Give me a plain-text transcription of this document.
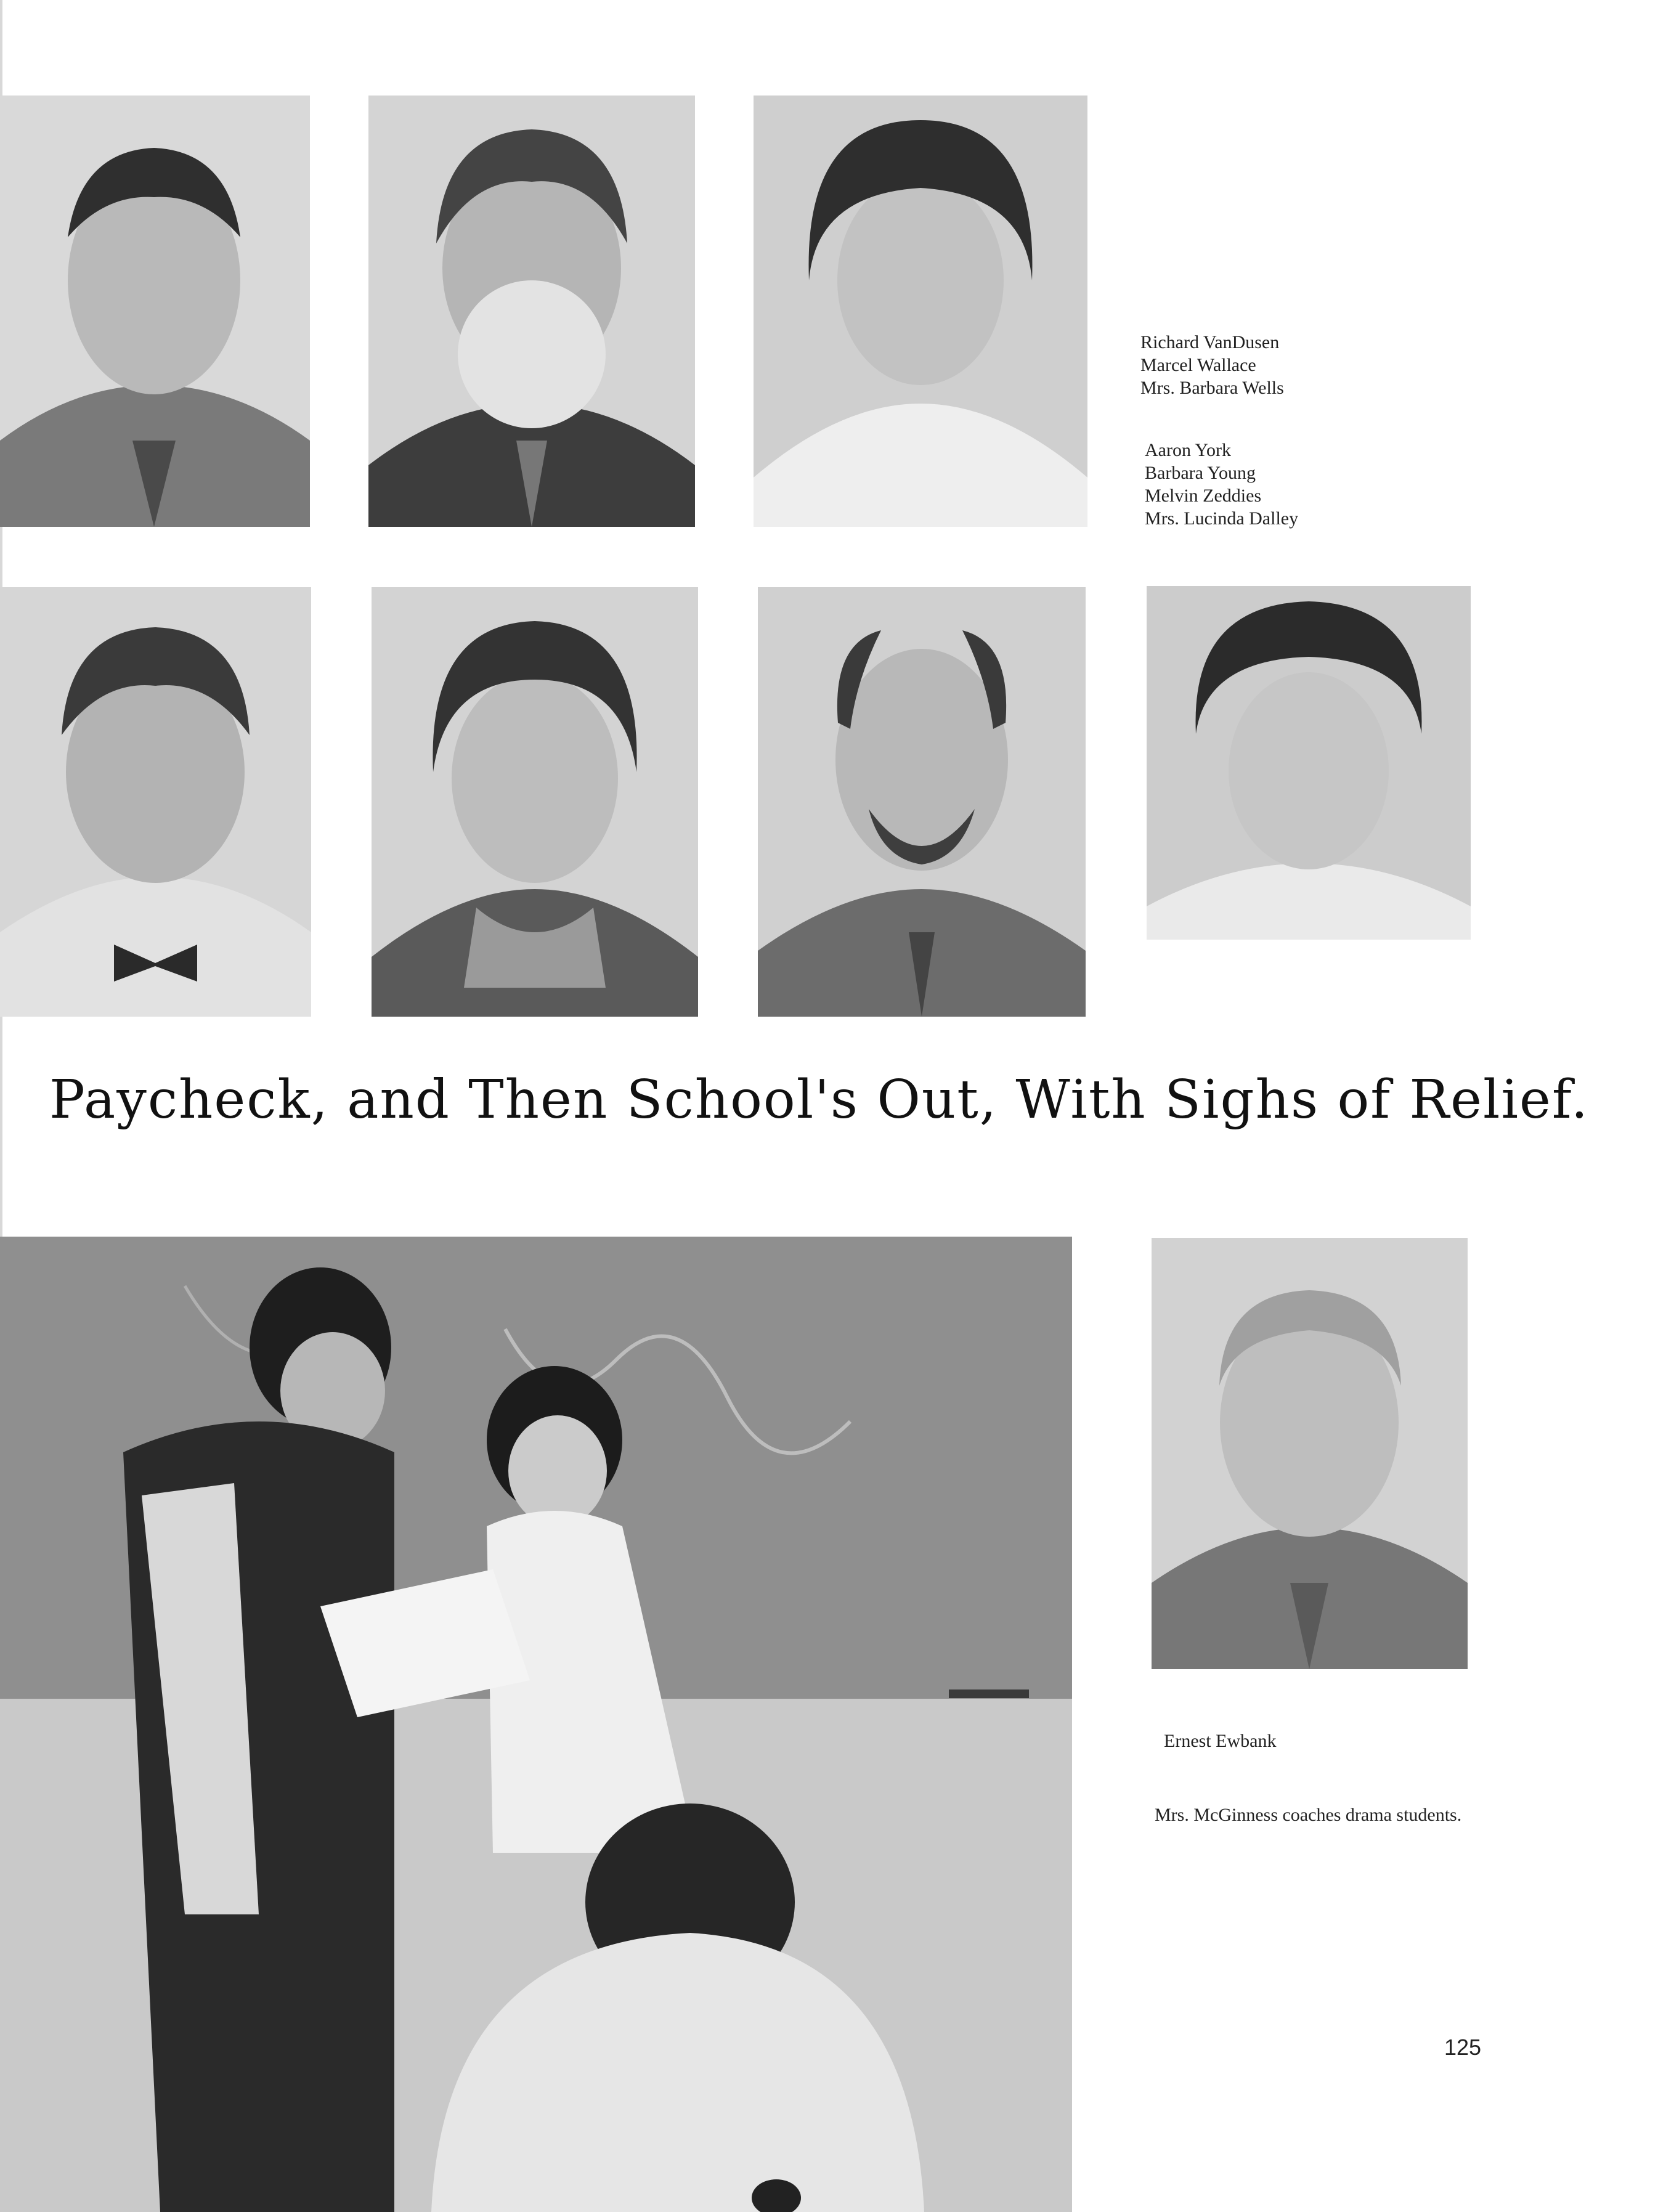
Richard VanDusen
Marcel Wallace
Mrs. Barbara Wells
Aaron York
Barbara Young
Melvin Zeddies
Mrs. Lucinda Dalley
Paycheck, and Then School's Out, With Sighs of Relief.
Ernest Ewbank
Mrs. McGinness coaches drama students.
125
